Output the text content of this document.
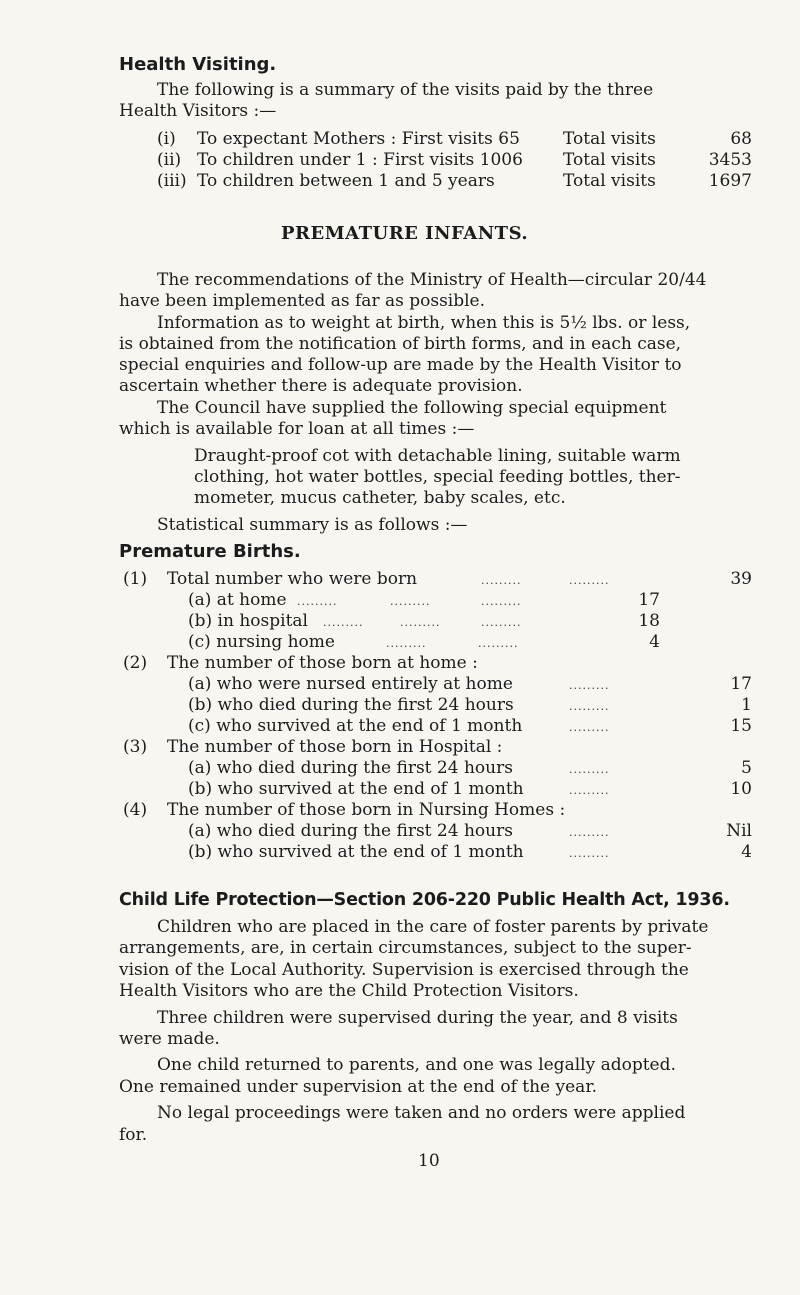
Health Visiting.
The following is a summary of the visits paid by the three
Health Visitors :—
(i) To expectant Mothers : First visits 65	Total visits	68
(ii) To children under 1 : First visits 1006 Total visits	3453
(iii) To children between 1 and 5 years	Total visits	1697
PREMATURE INFANTS.
The recommendations of the Ministry of Health—circular 20/44
have been implemented as far as possible.
Information as to weight at birth, when this is 5½ lbs. or less,
is obtained from the notification of birth forms, and in each case,
special enquiries and follow-up are made by the Health Visitor to
ascertain whether there is adequate provision.
The Council have supplied the following special equipment
which is available for loan at all times :—
Draught-proof cot with detachable lining, suitable warm
clothing, hot water bottles, special feeding bottles, ther-
mometer, mucus catheter, baby scales, etc.
Statistical summary is as follows :—
Premature Births.
(1) Total number who were born	.........	.........	39
(a) at home .........	.........	.........	17
(b) in hospital .........	.........	.........	18
(c) nursing home	.........	.........	4
(2) The number of those born at home :
(a) who were nursed entirely at home	.........	17
(b) who died during the first 24 hours	.........	1
(c) who survived at the end of 1 month	.........	15
(3) The number of those born in Hospital :
(a) who died during the first 24 hours	.........	5
(b) who survived at the end of 1 month	.........	10
(4) The number of those born in Nursing Homes :
(a) who died during the first 24 hours	.........	Nil
(b) who survived at the end of 1 month	.........	4
Child Life Protection—Section 206-220 Public Health Act, 1936.
Children who are placed in the care of foster parents by private
arrangements, are, in certain circumstances, subject to the super-
vision of the Local Authority. Supervision is exercised through the
Health Visitors who are the Child Protection Visitors.
Three children were supervised during the year, and 8 visits
were made.
One child returned to parents, and one was legally adopted.
One remained under supervision at the end of the year.
No legal proceedings were taken and no orders were applied
for.
10
